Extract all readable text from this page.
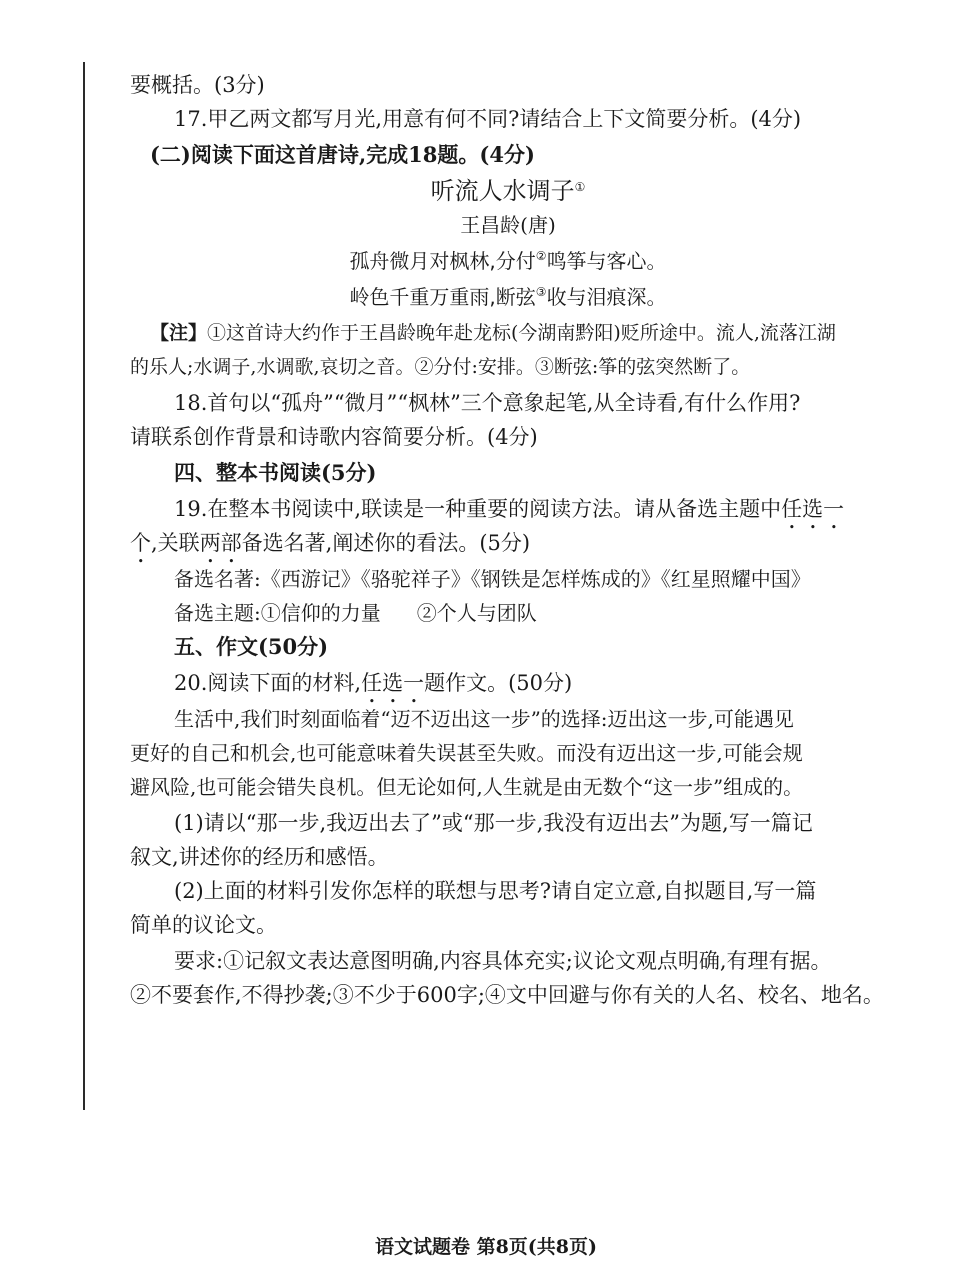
要概括。(3分)
17.甲乙两文都写月光,用意有何不同?请结合上下文简要分析。(4分)
(二)阅读下面这首唐诗,完成18题。(4分)
听流人水调子①
王昌龄(唐)
孤舟微月对枫林,分付②鸣筝与客心。
岭色千重万重雨,断弦③收与泪痕深。
【注】①这首诗大约作于王昌龄晚年赴龙标(今湖南黔阳)贬所途中。流人,流落江湖
的乐人;水调子,水调歌,哀切之音。②分付:安排。③断弦:筝的弦突然断了。
18.首句以“孤舟”“微月”“枫林”三个意象起笔,从全诗看,有什么作用?
请联系创作背景和诗歌内容简要分析。(4分)
四、整本书阅读(5分)
19.在整本书阅读中,联读是一种重要的阅读方法。请从备选主题中任选一
个,关联两部备选名著,阐述你的看法。(5分)
备选名著:《西游记》《骆驼祥子》《钢铁是怎样炼成的》《红星照耀中国》
备选主题:①信仰的力量 ②个人与团队
五、作文(50分)
20.阅读下面的材料,任选一题作文。(50分)
生活中,我们时刻面临着“迈不迈出这一步”的选择:迈出这一步,可能遇见
更好的自己和机会,也可能意味着失误甚至失败。而没有迈出这一步,可能会规
避风险,也可能会错失良机。但无论如何,人生就是由无数个“这一步”组成的。
(1)请以“那一步,我迈出去了”或“那一步,我没有迈出去”为题,写一篇记
叙文,讲述你的经历和感悟。
(2)上面的材料引发你怎样的联想与思考?请自定立意,自拟题目,写一篇
简单的议论文。
要求:①记叙文表达意图明确,内容具体充实;议论文观点明确,有理有据。
②不要套作,不得抄袭;③不少于600字;④文中回避与你有关的人名、校名、地名。
语文试题卷 第8页(共8页)
